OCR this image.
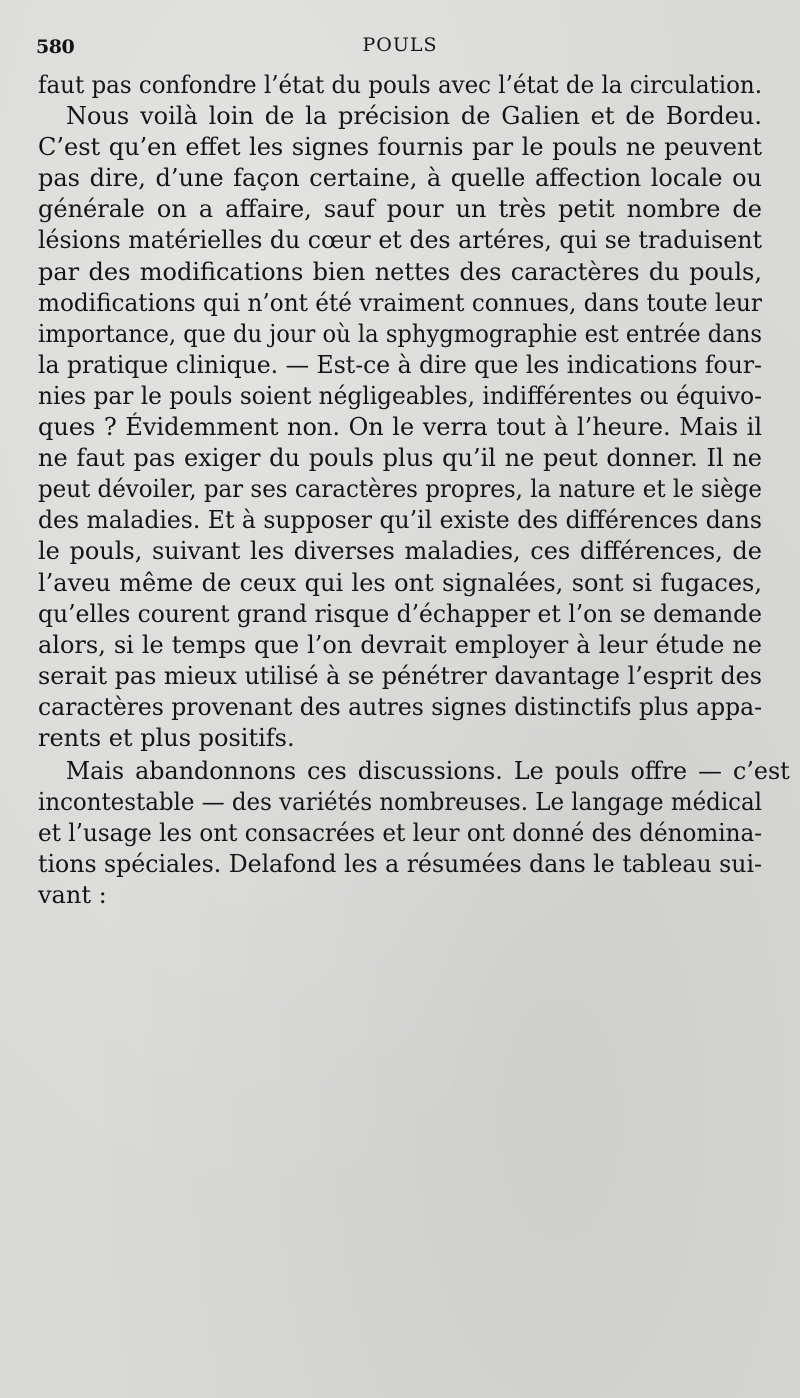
580	POULS
faut pas confondre l’état du pouls avec l’état de la circulation.
Nous voilà loin de la précision de Galien et de Bordeu.
C’est qu’en effet les signes fournis par le pouls ne peuvent
pas dire, d’une façon certaine, à quelle affection locale ou
générale on a affaire, sauf pour un très petit nombre de
lésions matérielles du cœur et des artéres, qui se traduisent
par des modifications bien nettes des caractères du pouls,
modifications qui n’ont été vraiment connues, dans toute leur
importance, que du jour où la sphygmographie est entrée dans
la pratique clinique. — Est-ce à dire que les indications four-
nies par le pouls soient négligeables, indifférentes ou équivo-
ques ? Évidemment non. On le verra tout à l’heure. Mais il
ne faut pas exiger du pouls plus qu’il ne peut donner. Il ne
peut dévoiler, par ses caractères propres, la nature et le siège
des maladies. Et à supposer qu’il existe des différences dans
le pouls, suivant les diverses maladies, ces différences, de
l’aveu même de ceux qui les ont signalées, sont si fugaces,
qu’elles courent grand risque d’échapper et l’on se demande
alors, si le temps que l’on devrait employer à leur étude ne
serait pas mieux utilisé à se pénétrer davantage l’esprit des
caractères provenant des autres signes distinctifs plus appa-
rents et plus positifs.
Mais abandonnons ces discussions. Le pouls offre — c’est
incontestable — des variétés nombreuses. Le langage médical
et l’usage les ont consacrées et leur ont donné des dénomina-
tions spéciales. Delafond les a résumées dans le tableau sui-
vant :
